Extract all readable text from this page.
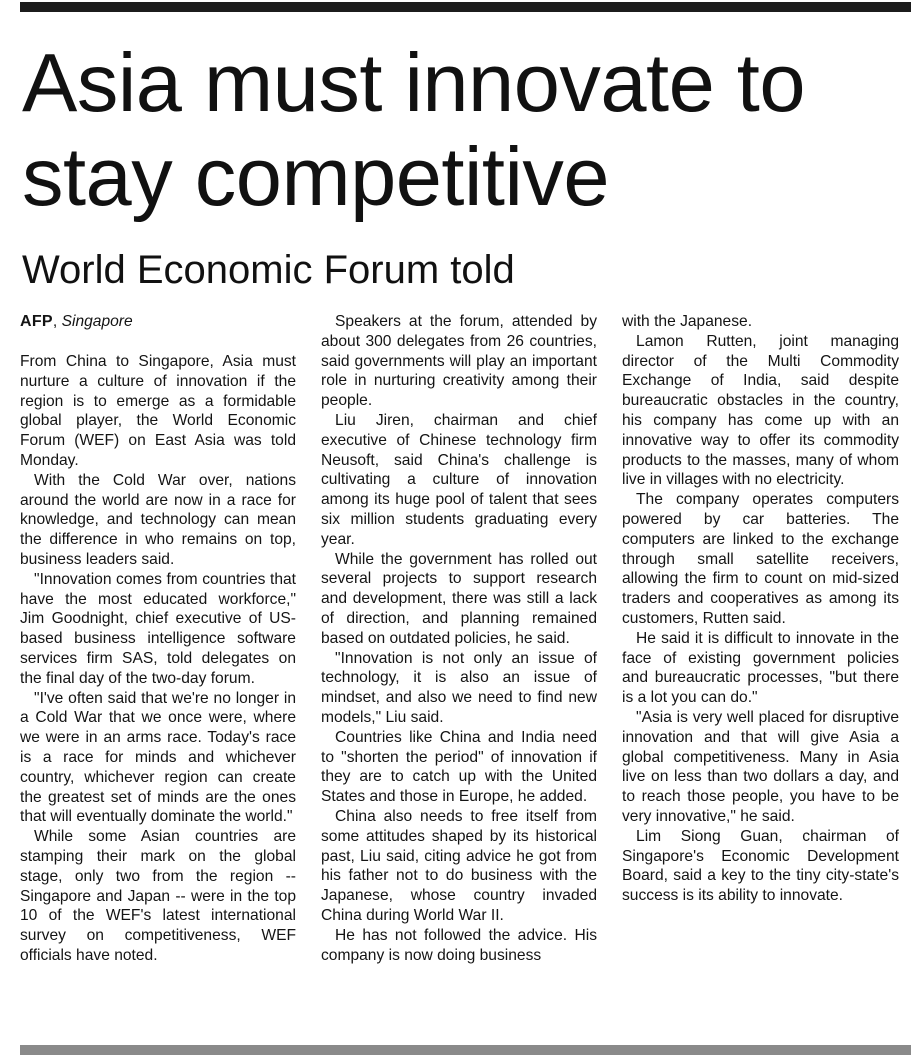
Asia must innovate to stay competitive
World Economic Forum told
AFP, Singapore

From China to Singapore, Asia must nurture a culture of innovation if the region is to emerge as a formidable global player, the World Economic Forum (WEF) on East Asia was told Monday.

With the Cold War over, nations around the world are now in a race for knowledge, and technology can mean the difference in who remains on top, business leaders said.

"Innovation comes from countries that have the most educated workforce," Jim Goodnight, chief executive of US-based business intelligence software services firm SAS, told delegates on the final day of the two-day forum.

"I've often said that we're no longer in a Cold War that we once were, where we were in an arms race. Today's race is a race for minds and whichever country, whichever region can create the greatest set of minds are the ones that will eventually dominate the world."

While some Asian countries are stamping their mark on the global stage, only two from the region -- Singapore and Japan -- were in the top 10 of the WEF's latest international survey on competitiveness, WEF officials have noted.

Speakers at the forum, attended by about 300 delegates from 26 countries, said governments will play an important role in nurturing creativity among their people.

Liu Jiren, chairman and chief executive of Chinese technology firm Neusoft, said China's challenge is cultivating a culture of innovation among its huge pool of talent that sees six million students graduating every year.

While the government has rolled out several projects to support research and development, there was still a lack of direction, and planning remained based on outdated policies, he said.

"Innovation is not only an issue of technology, it is also an issue of mindset, and also we need to find new models," Liu said.

Countries like China and India need to "shorten the period" of innovation if they are to catch up with the United States and those in Europe, he added.

China also needs to free itself from some attitudes shaped by its historical past, Liu said, citing advice he got from his father not to do business with the Japanese, whose country invaded China during World War II.

He has not followed the advice. His company is now doing business

with the Japanese.

Lamon Rutten, joint managing director of the Multi Commodity Exchange of India, said despite bureaucratic obstacles in the country, his company has come up with an innovative way to offer its commodity products to the masses, many of whom live in villages with no electricity.

The company operates computers powered by car batteries. The computers are linked to the exchange through small satellite receivers, allowing the firm to count on mid-sized traders and cooperatives as among its customers, Rutten said.

He said it is difficult to innovate in the face of existing government policies and bureaucratic processes, "but there is a lot you can do."

"Asia is very well placed for disruptive innovation and that will give Asia a global competitiveness. Many in Asia live on less than two dollars a day, and to reach those people, you have to be very innovative," he said.

Lim Siong Guan, chairman of Singapore's Economic Development Board, said a key to the tiny city-state's success is its ability to innovate.
